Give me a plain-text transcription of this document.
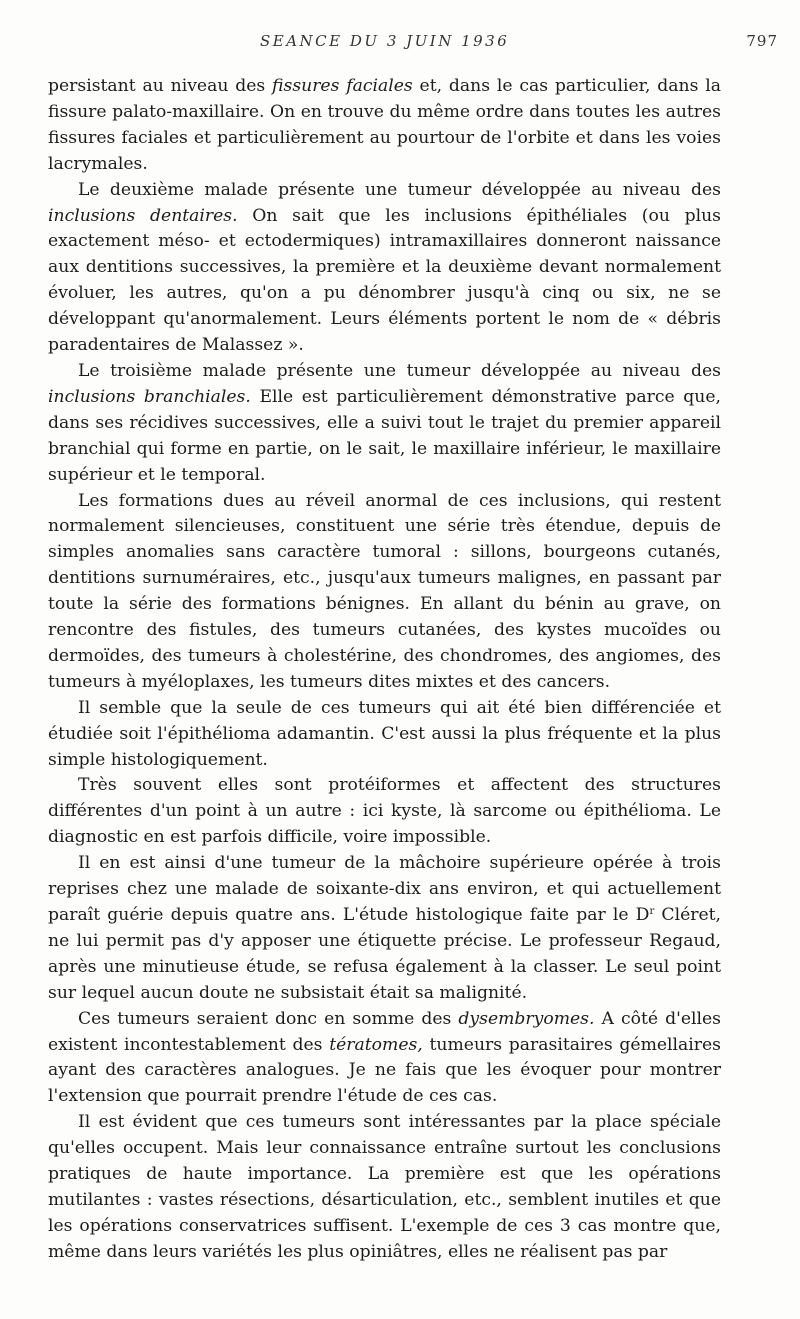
SEANCE DU 3 JUIN 1936	797

persistant au niveau des fissures faciales et, dans le cas particulier, dans la fissure palato-maxillaire. On en trouve du même ordre dans toutes les autres fissures faciales et particulièrement au pourtour de l'orbite et dans les voies lacrymales.

Le deuxième malade présente une tumeur développée au niveau des inclusions dentaires. On sait que les inclusions épithéliales (ou plus exactement méso- et ectodermiques) intramaxillaires donneront naissance aux dentitions successives, la première et la deuxième devant normalement évoluer, les autres, qu'on a pu dénombrer jusqu'à cinq ou six, ne se développant qu'anormalement. Leurs éléments portent le nom de « débris paradentaires de Malassez ».

Le troisième malade présente une tumeur développée au niveau des inclusions branchiales. Elle est particulièrement démonstrative parce que, dans ses récidives successives, elle a suivi tout le trajet du premier appareil branchial qui forme en partie, on le sait, le maxillaire inférieur, le maxillaire supérieur et le temporal.

Les formations dues au réveil anormal de ces inclusions, qui restent normalement silencieuses, constituent une série très étendue, depuis de simples anomalies sans caractère tumoral : sillons, bourgeons cutanés, dentitions surnuméraires, etc., jusqu'aux tumeurs malignes, en passant par toute la série des formations bénignes. En allant du bénin au grave, on rencontre des fistules, des tumeurs cutanées, des kystes mucoïdes ou dermoïdes, des tumeurs à cholestérine, des chondromes, des angiomes, des tumeurs à myéloplaxes, les tumeurs dites mixtes et des cancers.

Il semble que la seule de ces tumeurs qui ait été bien différenciée et étudiée soit l'épithélioma adamantin. C'est aussi la plus fréquente et la plus simple histologiquement.

Très souvent elles sont protéiformes et affectent des structures différentes d'un point à un autre : ici kyste, là sarcome ou épithélioma. Le diagnostic en est parfois difficile, voire impossible.

Il en est ainsi d'une tumeur de la mâchoire supérieure opérée à trois reprises chez une malade de soixante-dix ans environ, et qui actuellement paraît guérie depuis quatre ans. L'étude histologique faite par le $D^r$ Cléret, ne lui permit pas d'y apposer une étiquette précise. Le professeur Regaud, après une minutieuse étude, se refusa également à la classer. Le seul point sur lequel aucun doute ne subsistait était sa malignité.

Ces tumeurs seraient donc en somme des dysembryomes. A côté d'elles existent incontestablement des tératomes, tumeurs parasitaires gémellaires ayant des caractères analogues. Je ne fais que les évoquer pour montrer l'extension que pourrait prendre l'étude de ces cas.

Il est évident que ces tumeurs sont intéressantes par la place spéciale qu'elles occupent. Mais leur connaissance entraîne surtout les conclusions pratiques de haute importance. La première est que les opérations mutilantes : vastes résections, désarticulation, etc., semblent inutiles et que les opérations conservatrices suffisent. L'exemple de ces 3 cas montre que, même dans leurs variétés les plus opiniâtres, elles ne réalisent pas par
